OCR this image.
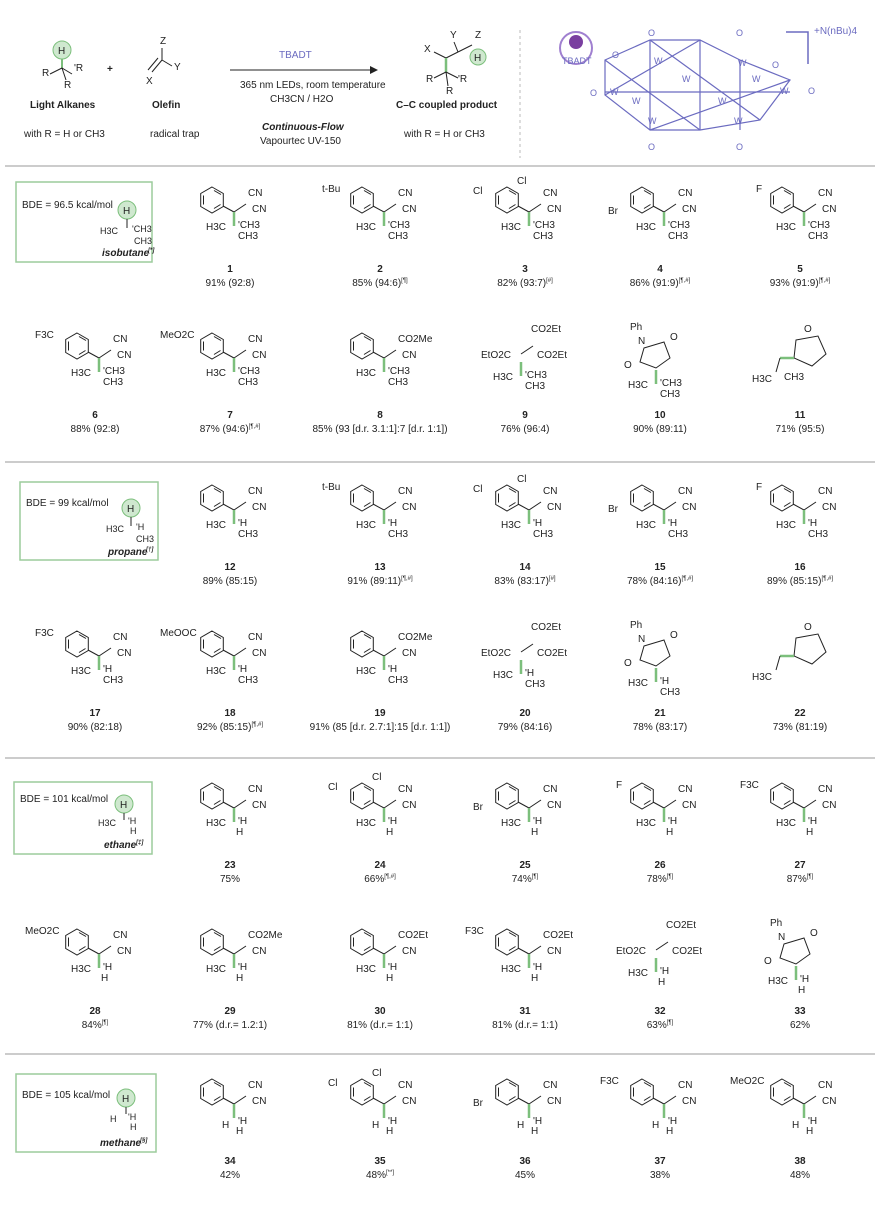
H
R 'R
R
Light Alkanes
with R = H or CH3
+
Z
Y
X
Olefin
radical trap
TBADT
365 nm LEDs, room temperature
CH3CN / H2O
Continuous-Flow
Vapourtec UV-150
Y Z
H
X
R 'R
R
C–C coupled product
with R = H or CH3
TBADT
W
W
W
W
W
W
W
W
W
W
O
O	O
O
O	O
O
O
+N(nBu)4
BDE = 96.5 kcal/mol
H
H3C 'CH3
CH3
isobutane
[*]
BDE = 99 kcal/mol
H
H3C 'H
CH3
propane
[†]
BDE = 101 kcal/mol
H
H3C 'H
H
ethane [‡]
BDE = 105 kcal/mol H
H 'H
H
methane
[§]
CN
CN
H3C 'CH3
CH3
1
91% (92:8)
t-Bu	CN
CN
H3C 'CH3
CH3
2
85% (94:6)[¶]
Cl
Cl
CN
CN
H3C 'CH3
CH3
3
82% (93:7)[#]
Br
CN
CN
H3C 'CH3
CH3
4
86% (91:9)[¶,#]
F	CN
CN
H3C 'CH3
CH3
5
93% (91:9)[¶,#]
F3C	CN
CN
H3C 'CH3
CH3
6
88% (92:8)
MeO2C	CN
CN
H3C 'CH3
CH3
7
87% (94:6)[¶,#]
CO2Me
CN
H3C 'CH3
CH3
8
85% (93 [d.r. 3.1:1]:7 [d.r. 1:1])
CO2Et
EtO2C	CO2Et
H3C 'CH3
CH3
9
76% (96:4)
Ph
N O
O
H3C 'CH3
CH3
10
90% (89:11)
O
H3C CH3
11
71% (95:5)
CN
CN
H3C 'H
CH3
12
89% (85:15)
t-Bu	CN
CN
H3C 'H
CH3
13
91% (89:11)[¶,#]
Cl
Cl
CN
CN
H3C 'H
CH3
14
83% (83:17)[#]
Br
CN
CN
H3C 'H
CH3
15
78% (84:16)[¶,#]
F	CN
CN
H3C 'H
CH3
16
89% (85:15)[¶,#]
F3C	CN
CN
H3C 'H
CH3
17
90% (82:18)
MeOOC	CN
CN
H3C 'H
CH3
18
92% (85:15)[¶,#]
CO2Me
CN
H3C 'H
CH3
19
91% (85 [d.r. 2.7:1]:15 [d.r. 1:1])
CO2Et
EtO2C	CO2Et
H3C 'H
CH3
20
79% (84:16)
Ph
N O
O
H3C 'H
CH3
21
78% (83:17)
O
H3C
22
73% (81:19)
CN
CN
H3C 'H
H
23
75%
Cl
Cl
CN
CN
H3C 'H
H
24
66%[¶,#]
Br
CN
CN
H3C 'H
H
25
74%[¶]
F	CN
CN
H3C 'H
H
26
78%[¶]
F3C	CN
CN
H3C 'H
H
27
87%[¶]
MeO2C	CN
CN
H3C 'H
H
28
84%[¶]
CO2Me
CN
H3C 'H
H
29
77% (d.r.= 1.2:1)
CO2Et
CN
H3C 'H
H
30
81% (d.r.= 1:1)
F3C	CO2Et
CN
H3C 'H
H
31
81% (d.r.= 1:1)
CO2Et
EtO2C	CO2Et
H3C 'H
H
32
63%[¶]
Ph
N O
O
H3C 'H
H
33
62%
CN
CN
H 'H
H
34
42%
Cl
Cl
CN
CN
H 'H
H
35
48%[**]
Br
CN
CN
H 'H
H
36
45%
F3C	CN
CN
H 'H
H
37
38%
MeO2C	CN
CN
H 'H
H
38
48%
